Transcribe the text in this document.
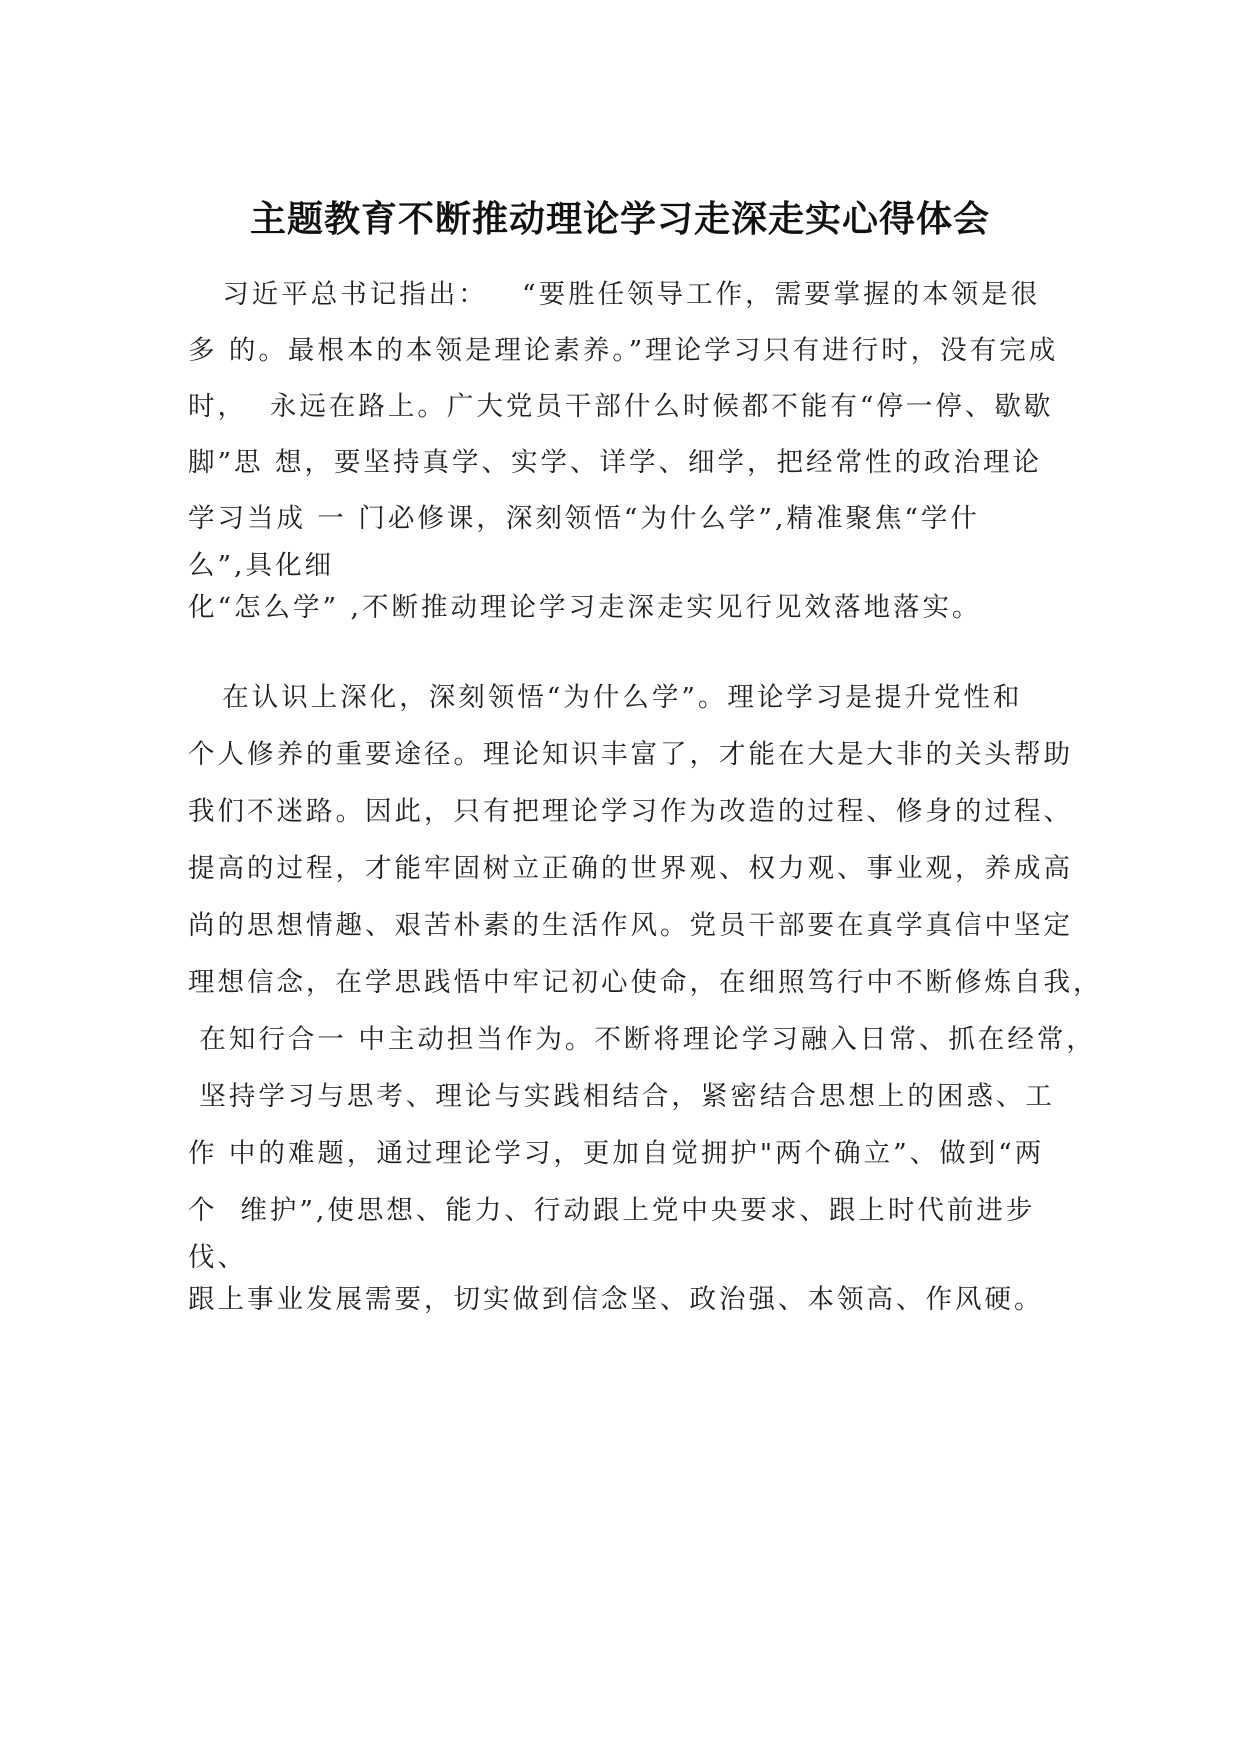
主题教育不断推动理论学习走深走实心得体会
习近平总书记指出：   “要胜任领导工作，需要掌握的本领是很
多 的。最根本的本领是理论素养。”理论学习只有进行时，没有完成
时，  永远在路上。广大党员干部什么时候都不能有“停一停、歇歇
脚”思 想，要坚持真学、实学、详学、细学，把经常性的政治理论
学习当成 一 门必修课，深刻领悟“为什么学”,精准聚焦“学什
么”,具化细
化“怎么学” ,不断推动理论学习走深走实见行见效落地落实。
在认识上深化，深刻领悟“为什么学”。理论学习是提升党性和
个人修养的重要途径。理论知识丰富了，才能在大是大非的关头帮助
我们不迷路。因此，只有把理论学习作为改造的过程、修身的过程、
提高的过程，才能牢固树立正确的世界观、权力观、事业观，养成高
尚的思想情趣、艰苦朴素的生活作风。党员干部要在真学真信中坚定
理想信念，在学思践悟中牢记初心使命，在细照笃行中不断修炼自我，
在知行合一 中主动担当作为。不断将理论学习融入日常、抓在经常，
坚持学习与思考、理论与实践相结合，紧密结合思想上的困惑、工
作 中的难题，通过理论学习，更加自觉拥护"两个确立”、做到“两
个  维护”,使思想、能力、行动跟上党中央要求、跟上时代前进步
伐、
跟上事业发展需要，切实做到信念坚、政治强、本领高、作风硬。
